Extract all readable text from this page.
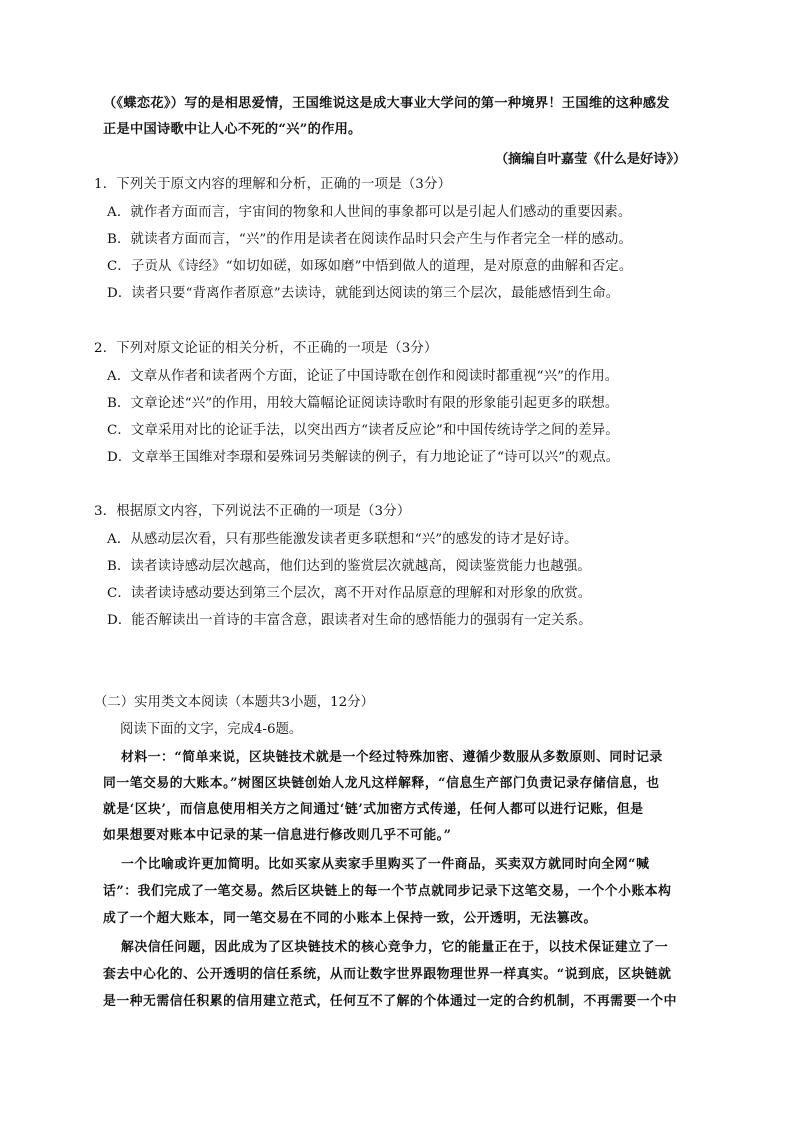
（《蝶恋花》）写的是相思爱情，王国维说这是成大事业大学问的第一种境界！王国维的这种感发
正是中国诗歌中让人心不死的“兴”的作用。
（摘编自叶嘉莹《什么是好诗》）
1．下列关于原文内容的理解和分析，正确的一项是（3分）
A．就作者方面而言，宇宙间的物象和人世间的事象都可以是引起人们感动的重要因素。
B．就读者方面而言，“兴”的作用是读者在阅读作品时只会产生与作者完全一样的感动。
C．子贡从《诗经》“如切如磋，如琢如磨”中悟到做人的道理，是对原意的曲解和否定。
D．读者只要“背离作者原意”去读诗，就能到达阅读的第三个层次，最能感悟到生命。
2．下列对原文论证的相关分析，不正确的一项是（3分）
A．文章从作者和读者两个方面，论证了中国诗歌在创作和阅读时都重视“兴”的作用。
B．文章论述“兴”的作用，用较大篇幅论证阅读诗歌时有限的形象能引起更多的联想。
C．文章采用对比的论证手法，以突出西方“读者反应论”和中国传统诗学之间的差异。
D．文章举王国维对李璟和晏殊词另类解读的例子，有力地论证了“诗可以兴”的观点。
3．根据原文内容，下列说法不正确的一项是（3分）
A．从感动层次看，只有那些能激发读者更多联想和“兴”的感发的诗才是好诗。
B．读者读诗感动层次越高，他们达到的鉴赏层次就越高，阅读鉴赏能力也越强。
C．读者读诗感动要达到第三个层次，离不开对作品原意的理解和对形象的欣赏。
D．能否解读出一首诗的丰富含意，跟读者对生命的感悟能力的强弱有一定关系。
（二）实用类文本阅读（本题共3小题，12分）
阅读下面的文字，完成4-6题。
材料一：“简单来说，区块链技术就是一个经过特殊加密、遵循少数服从多数原则、同时记录
同一笔交易的大账本。”树图区块链创始人龙凡这样解释，“信息生产部门负责记录存储信息，也
就是‘区块’，而信息使用相关方之间通过‘链’式加密方式传递，任何人都可以进行记账，但是
如果想要对账本中记录的某一信息进行修改则几乎不可能。”
一个比喻或许更加简明。比如买家从卖家手里购买了一件商品，买卖双方就同时向全网“喊
话”：我们完成了一笔交易。然后区块链上的每一个节点就同步记录下这笔交易，一个个小账本构
成了一个超大账本，同一笔交易在不同的小账本上保持一致，公开透明，无法篡改。
解决信任问题，因此成为了区块链技术的核心竞争力，它的能量正在于，以技术保证建立了一
套去中心化的、公开透明的信任系统，从而让数字世界跟物理世界一样真实。“说到底，区块链就
是一种无需信任积累的信用建立范式，任何互不了解的个体通过一定的合约机制，不再需要一个中
